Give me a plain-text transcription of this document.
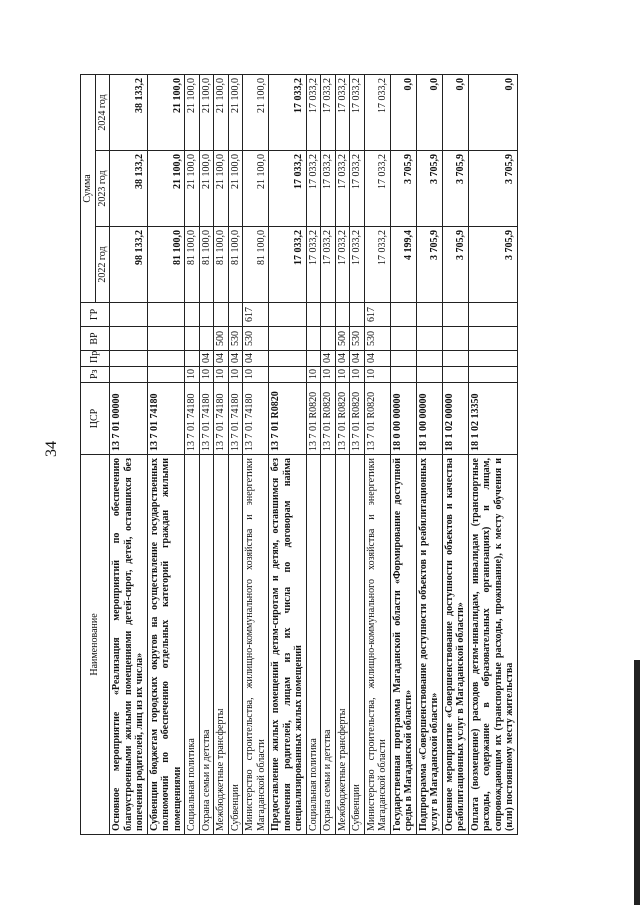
34
Наименование	ЦСР	Рз	Пр	ВР	ГР	Сумма		
						2022 год	2023 год	2024 год
Основное мероприятие «Реализация мероприятий по обеспечению благоустроенными жилыми помещениями детей-сирот, детей, оставшихся без попечения родителей, лиц из их числа»	13 7 01 00000					98 133,2	38 133,2	38 133,2
Субвенции бюджетам городских округов на осуществление государственных полномочий по обеспечению отдельных категорий граждан жилыми помещениями	13 7 01 74180					81 100,0	21 100,0	21 100,0
Социальная политика	13 7 01 74180	10				81 100,0	21 100,0	21 100,0
Охрана семьи и детства	13 7 01 74180	10	04			81 100,0	21 100,0	21 100,0
Межбюджетные трансферты	13 7 01 74180	10	04	500		81 100,0	21 100,0	21 100,0
Субвенции	13 7 01 74180	10	04	530		81 100,0	21 100,0	21 100,0
Министерство строительства, жилищно-коммунального хозяйства и энергетики Магаданской области	13 7 01 74180	10	04	530	617	81 100,0	21 100,0	21 100,0
Предоставление жилых помещений детям-сиротам и детям, оставшимся без попечения родителей, лицам из их числа по договорам найма специализированных жилых помещений	13 7 01 R0820					17 033,2	17 033,2	17 033,2
Социальная политика	13 7 01 R0820	10				17 033,2	17 033,2	17 033,2
Охрана семьи и детства	13 7 01 R0820	10	04			17 033,2	17 033,2	17 033,2
Межбюджетные трансферты	13 7 01 R0820	10	04	500		17 033,2	17 033,2	17 033,2
Субвенции	13 7 01 R0820	10	04	530		17 033,2	17 033,2	17 033,2
Министерство строительства, жилищно-коммунального хозяйства и энергетики Магаданской области	13 7 01 R0820	10	04	530	617	17 033,2	17 033,2	17 033,2
Государственная программа Магаданской области «Формирование доступной среды в Магаданской области»	18 0 00 00000					4 199,4	3 705,9	0,0
Подпрограмма «Совершенствование доступности объектов и реабилитационных услуг в Магаданской области»	18 1 00 00000					3 705,9	3 705,9	0,0
Основное мероприятие «Совершенствование доступности объектов и качества реабилитационных услуг в Магаданской области»	18 1 02 00000					3 705,9	3 705,9	0,0
Оплата (возмещение) расходов детям-инвалидам, инвалидам (транспортные расходы, содержание в образовательных организациях) и лицам, сопровождающим их (транспортные расходы, проживание), к месту обучения и (или) постоянному месту жительства	18 1 02 13350					3 705,9	3 705,9	0,0
